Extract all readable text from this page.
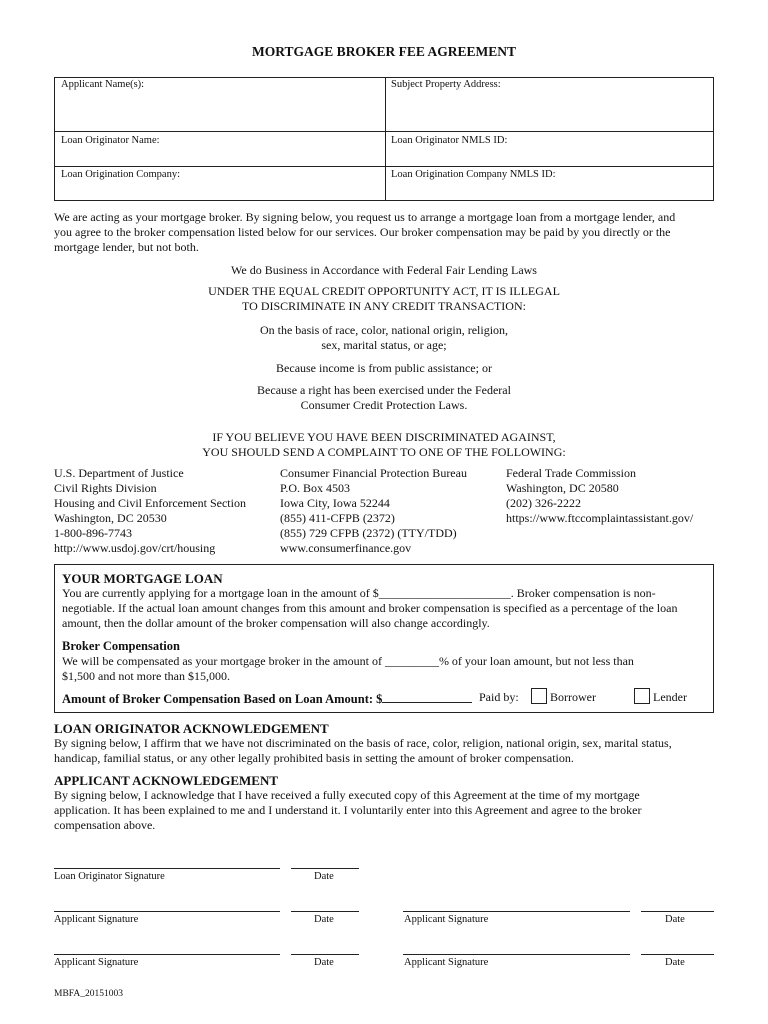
MORTGAGE BROKER FEE AGREEMENT
Applicant Name(s):	Subject Property Address:
Loan Originator Name:	Loan Originator NMLS ID:
Loan Origination Company:	Loan Origination Company NMLS ID:
We are acting as your mortgage broker. By signing below, you request us to arrange a mortgage loan from a mortgage lender, and
you agree to the broker compensation listed below for our services. Our broker compensation may be paid by you directly or the
mortgage lender, but not both.
We do Business in Accordance with Federal Fair Lending Laws
UNDER THE EQUAL CREDIT OPPORTUNITY ACT, IT IS ILLEGAL
TO DISCRIMINATE IN ANY CREDIT TRANSACTION:
On the basis of race, color, national origin, religion,
sex, marital status, or age;
Because income is from public assistance; or
Because a right has been exercised under the Federal
Consumer Credit Protection Laws.
IF YOU BELIEVE YOU HAVE BEEN DISCRIMINATED AGAINST,
YOU SHOULD SEND A COMPLAINT TO ONE OF THE FOLLOWING:
U.S. Department of Justice
Civil Rights Division
Housing and Civil Enforcement Section
Washington, DC 20530
1-800-896-7743
http://www.usdoj.gov/crt/housing
Consumer Financial Protection Bureau
P.O. Box 4503
Iowa City, Iowa 52244
(855) 411-CFPB (2372)
(855) 729 CFPB (2372) (TTY/TDD)
www.consumerfinance.gov
Federal Trade Commission
Washington, DC 20580
(202) 326-2222
https://www.ftccomplaintassistant.gov/
YOUR MORTGAGE LOAN
You are currently applying for a mortgage loan in the amount of $______________________. Broker compensation is non-
negotiable. If the actual loan amount changes from this amount and broker compensation is specified as a percentage of the loan
amount, then the dollar amount of the broker compensation will also change accordingly.
Broker Compensation
We will be compensated as your mortgage broker in the amount of _________% of your loan amount, but not less than
$1,500 and not more than $15,000.
Amount of Broker Compensation Based on Loan Amount: $	Paid by:	Borrower	Lender
LOAN ORIGINATOR ACKNOWLEDGEMENT
By signing below, I affirm that we have not discriminated on the basis of race, color, religion, national origin, sex, marital status,
handicap, familial status, or any other legally prohibited basis in setting the amount of broker compensation.
APPLICANT ACKNOWLEDGEMENT
By signing below, I acknowledge that I have received a fully executed copy of this Agreement at the time of my mortgage
application. It has been explained to me and I understand it. I voluntarily enter into this Agreement and agree to the broker
compensation above.
Loan Originator Signature	Date
Applicant Signature	Date	Applicant Signature	Date
Applicant Signature	Date	Applicant Signature	Date
MBFA_20151003
